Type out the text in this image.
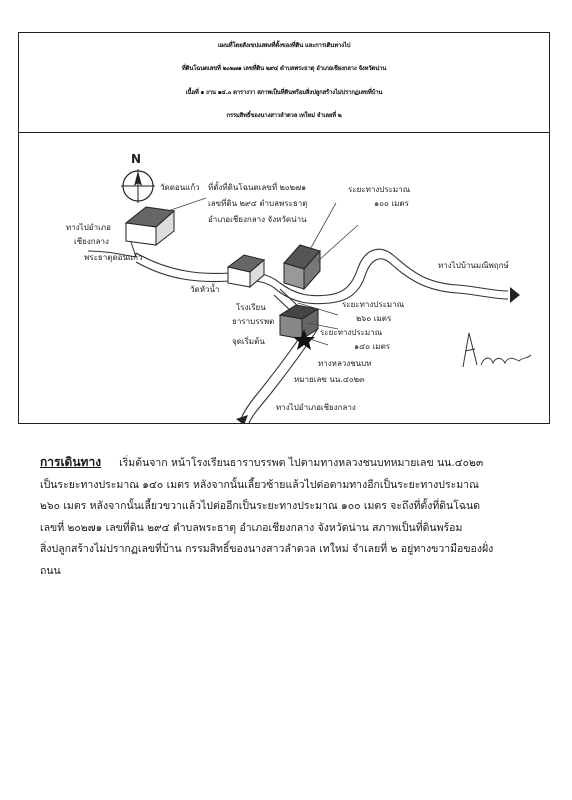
แผนที่โดยสังเขปแสดงที่ตั้งของที่ดิน และการเดินทางไป
ที่ดินโฉนดเลขที่ ๒๐๒๗๑ เลขที่ดิน ๒๙๔ ตำบลพระธาตุ อำเภอเชียงกลาง จังหวัดน่าน
เนื้อที่ ๑ งาน ๑๔.๐ ตารางวา สภาพเป็นที่ดินพร้อมสิ่งปลูกสร้างไม่ปรากฏเลขที่บ้าน
กรรมสิทธิ์ของนางสาวลำดวล เทใหม่ จำเลยที่ ๒
N
วัดดอนแก้ว ที่ตั้งที่ดินโฉนดเลขที่ ๒๐๒๗๑
เลขที่ดิน ๒๙๔ ตำบลพระธาตุ
อำเภอเชียงกลาง จังหวัดน่าน
ระยะทางประมาณ
๑๐๐ เมตร
ทางไปอำเภอ
เชียงกลาง
พระธาตุดอนแก้ว
ทางไปบ้านมณีพฤกษ์
วัดหัวน้ำ
โรงเรียน
ธาราบรรพต
ระยะทางประมาณ
๒๖๐ เมตร
จุดเริ่มต้น
ระยะทางประมาณ
๑๔๐ เมตร
ทางหลวงชนบท
หมายเลข นน.๔๐๒๓
ทางไปอำเภอเชียงกลาง
การเดินทาง เริ่มต้นจาก หน้าโรงเรียนธาราบรรพต ไปตามทางหลวงชนบทหมายเลข นน.๔๐๒๓
เป็นระยะทางประมาณ ๑๔๐ เมตร หลังจากนั้นเลี้ยวซ้ายแล้วไปต่อตามทางอีกเป็นระยะทางประมาณ
๒๖๐ เมตร หลังจากนั้นเลี้ยวขวาแล้วไปต่ออีกเป็นระยะทางประมาณ ๑๐๐ เมตร จะถึงที่ตั้งที่ดินโฉนด
เลขที่ ๒๐๒๗๑ เลขที่ดิน ๒๙๔ ตำบลพระธาตุ อำเภอเชียงกลาง จังหวัดน่าน สภาพเป็นที่ดินพร้อม
สิ่งปลูกสร้างไม่ปรากฏเลขที่บ้าน กรรมสิทธิ์ของนางสาวลำดวล เทใหม่ จำเลยที่ ๒ อยู่ทางขวามือของฝั่ง
ถนน
